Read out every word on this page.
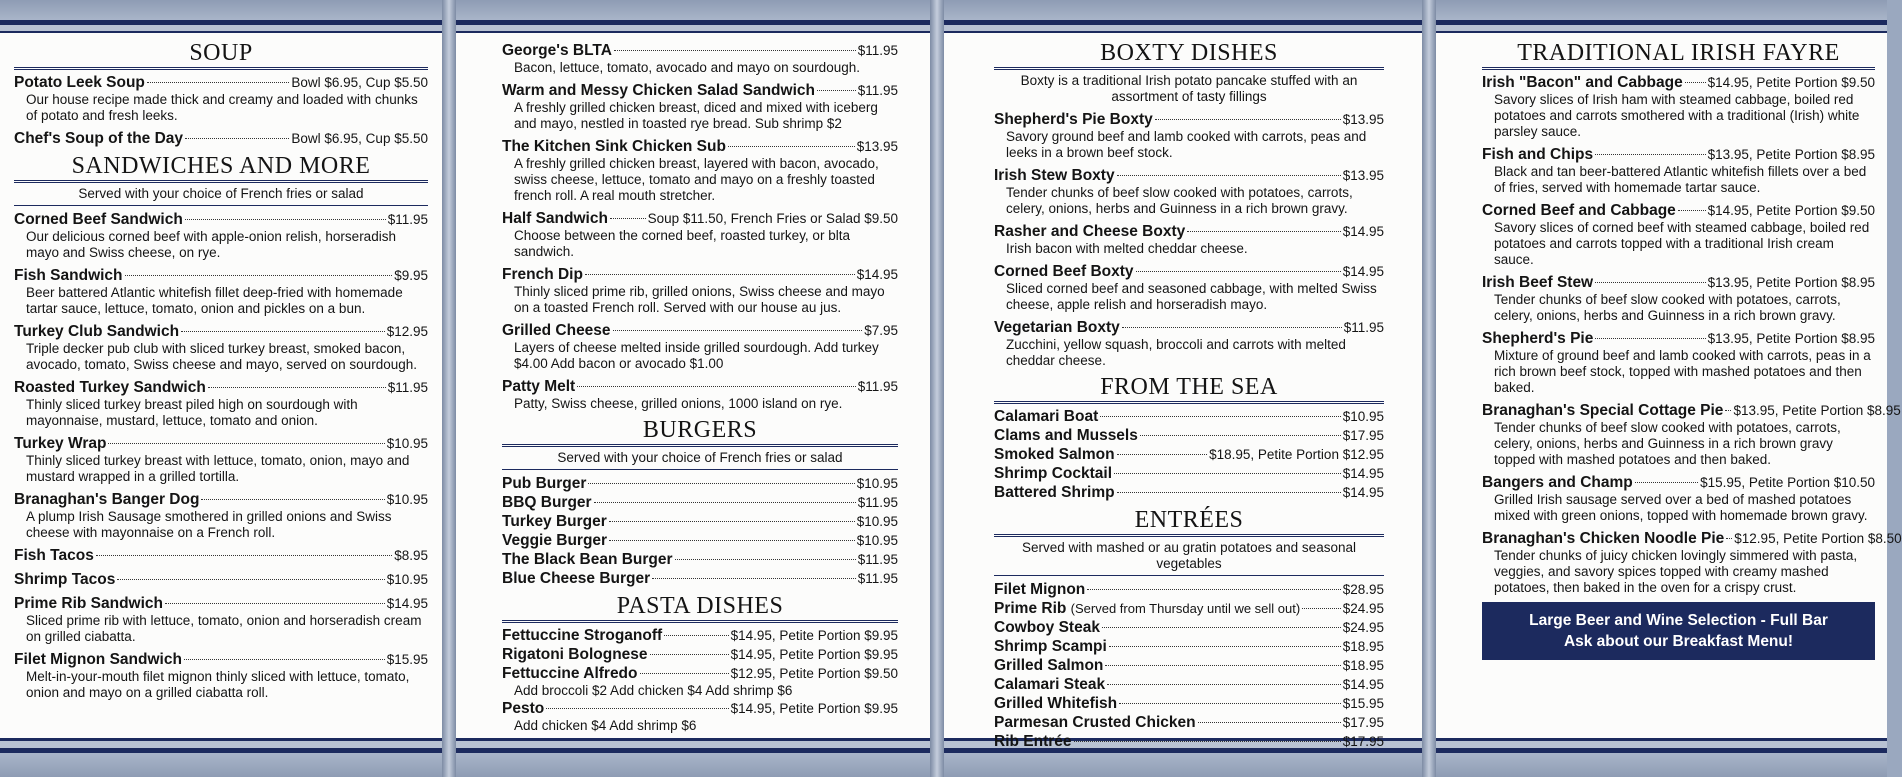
SOUP
Potato Leek Soup	Bowl $6.95, Cup $5.50
Our house recipe made thick and creamy and loaded with chunks of potato and fresh leeks.
Chef's Soup of the Day	Bowl $6.95, Cup $5.50
SANDWICHES AND MORE
Served with your choice of French fries or salad
Corned Beef Sandwich	$11.95
Our delicious corned beef with apple-onion relish, horseradish mayo and Swiss cheese, on rye.
Fish Sandwich	$9.95
Beer battered Atlantic whitefish fillet deep-fried with homemade tartar sauce, lettuce, tomato, onion and pickles on a bun.
Turkey Club Sandwich	$12.95
Triple decker pub club with sliced turkey breast, smoked bacon, avocado, tomato, Swiss cheese and mayo, served on sourdough.
Roasted Turkey Sandwich	$11.95
Thinly sliced turkey breast piled high on sourdough with mayonnaise, mustard, lettuce, tomato and onion.
Turkey Wrap	$10.95
Thinly sliced turkey breast with lettuce, tomato, onion, mayo and mustard wrapped in a grilled tortilla.
Branaghan's Banger Dog	$10.95
A plump Irish Sausage smothered in grilled onions and Swiss cheese with mayonnaise on a French roll.
Fish Tacos	$8.95
Shrimp Tacos	$10.95
Prime Rib Sandwich	$14.95
Sliced prime rib with lettuce, tomato, onion and horseradish cream on grilled ciabatta.
Filet Mignon Sandwich	$15.95
Melt-in-your-mouth filet mignon thinly sliced with lettuce, tomato, onion and mayo on a grilled ciabatta roll.
George's BLTA	$11.95
Bacon, lettuce, tomato, avocado and mayo on sourdough.
Warm and Messy Chicken Salad Sandwich	$11.95
A freshly grilled chicken breast, diced and mixed with iceberg and mayo, nestled in toasted rye bread. Sub shrimp $2
The Kitchen Sink Chicken Sub	$13.95
A freshly grilled chicken breast, layered with bacon, avocado, swiss cheese, lettuce, tomato and mayo on a freshly toasted french roll. A real mouth stretcher.
Half Sandwich	Soup $11.50, French Fries or Salad $9.50
Choose between the corned beef, roasted turkey, or blta sandwich.
French Dip	$14.95
Thinly sliced prime rib, grilled onions, Swiss cheese and mayo on a toasted French roll. Served with our house au jus.
Grilled Cheese	$7.95
Layers of cheese melted inside grilled sourdough. Add turkey $4.00 Add bacon or avocado $1.00
Patty Melt	$11.95
Patty, Swiss cheese, grilled onions, 1000 island on rye.
BURGERS
Served with your choice of French fries or salad
Pub Burger	$10.95
BBQ Burger	$11.95
Turkey Burger	$10.95
Veggie Burger	$10.95
The Black Bean Burger	$11.95
Blue Cheese Burger	$11.95
PASTA DISHES
Fettuccine Stroganoff	$14.95, Petite Portion $9.95
Rigatoni Bolognese	$14.95, Petite Portion $9.95
Fettuccine Alfredo	$12.95, Petite Portion $9.50
Add broccoli $2 Add chicken $4 Add shrimp $6
Pesto	$14.95, Petite Portion $9.95
Add chicken $4 Add shrimp $6
BOXTY DISHES
Boxty is a traditional Irish potato pancake stuffed with an assortment of tasty fillings
Shepherd's Pie Boxty	$13.95
Savory ground beef and lamb cooked with carrots, peas and leeks in a brown beef stock.
Irish Stew Boxty	$13.95
Tender chunks of beef slow cooked with potatoes, carrots, celery, onions, herbs and Guinness in a rich brown gravy.
Rasher and Cheese Boxty	$14.95
Irish bacon with melted cheddar cheese.
Corned Beef Boxty	$14.95
Sliced corned beef and seasoned cabbage, with melted Swiss cheese, apple relish and horseradish mayo.
Vegetarian Boxty	$11.95
Zucchini, yellow squash, broccoli and carrots with melted cheddar cheese.
FROM THE SEA
Calamari Boat	$10.95
Clams and Mussels	$17.95
Smoked Salmon	$18.95, Petite Portion $12.95
Shrimp Cocktail	$14.95
Battered Shrimp	$14.95
ENTRÉES
Served with mashed or au gratin potatoes and seasonal vegetables
Filet Mignon	$28.95
Prime Rib (Served from Thursday until we sell out)	$24.95
Cowboy Steak	$24.95
Shrimp Scampi	$18.95
Grilled Salmon	$18.95
Calamari Steak	$14.95
Grilled Whitefish	$15.95
Parmesan Crusted Chicken	$17.95
Rib Entrée	$17.95
TRADITIONAL IRISH FAYRE
Irish "Bacon" and Cabbage $14.95, Petite Portion $9.50
Savory slices of Irish ham with steamed cabbage, boiled red potatoes and carrots smothered with a traditional (Irish) white parsley sauce.
Fish and Chips	$13.95, Petite Portion $8.95
Black and tan beer-battered Atlantic whitefish fillets over a bed of fries, served with homemade tartar sauce.
Corned Beef and Cabbage $14.95, Petite Portion $9.50
Savory slices of corned beef with steamed cabbage, boiled red potatoes and carrots topped with a traditional Irish cream sauce.
Irish Beef Stew	$13.95, Petite Portion $8.95
Tender chunks of beef slow cooked with potatoes, carrots, celery, onions, herbs and Guinness in a rich brown gravy.
Shepherd's Pie	$13.95, Petite Portion $8.95
Mixture of ground beef and lamb cooked with carrots, peas in a rich brown beef stock, topped with mashed potatoes and then baked.
Branaghan's Special Cottage Pie $13.95, Petite Portion $8.95
Tender chunks of beef slow cooked with potatoes, carrots, celery, onions, herbs and Guinness in a rich brown gravy topped with mashed potatoes and then baked.
Bangers and Champ	$15.95, Petite Portion $10.50
Grilled Irish sausage served over a bed of mashed potatoes mixed with green onions, topped with homemade brown gravy.
Branaghan's Chicken Noodle Pie $12.95, Petite Portion $8.50
Tender chunks of juicy chicken lovingly simmered with pasta, veggies, and savory spices topped with creamy mashed potatoes, then baked in the oven for a crispy crust.
Large Beer and Wine Selection - Full Bar
Ask about our Breakfast Menu!
